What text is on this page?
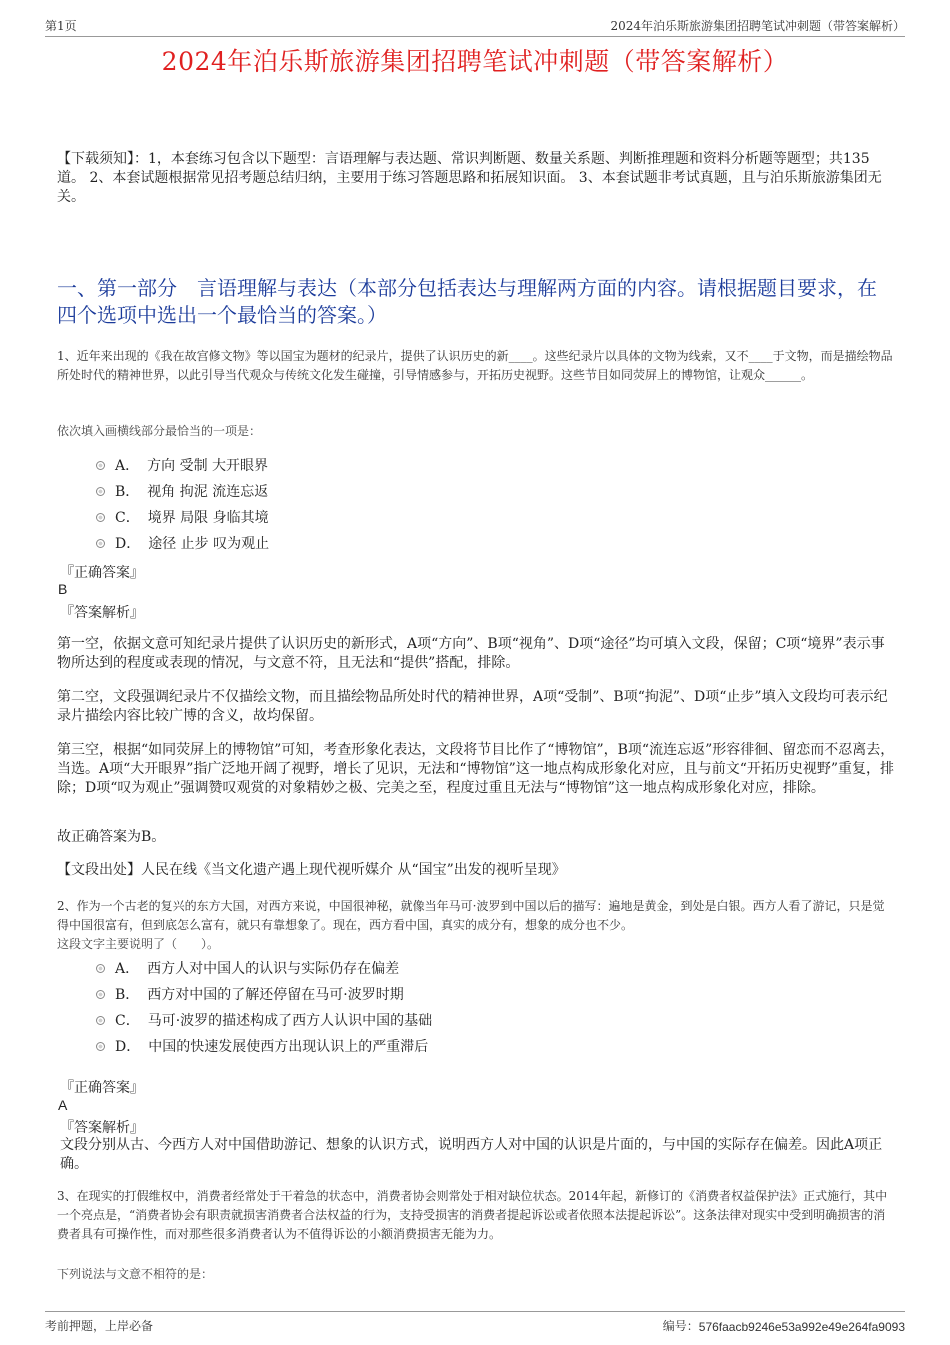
第1页	2024年泊乐斯旅游集团招聘笔试冲刺题（带答案解析）
2024年泊乐斯旅游集团招聘笔试冲刺题（带答案解析）
【下载须知】：1，本套练习包含以下题型：言语理解与表达题、常识判断题、数量关系题、判断推理题和资料分析题等题型；共135道。 2、本套试题根据常见招考题总结归纳，主要用于练习答题思路和拓展知识面。 3、本套试题非考试真题，且与泊乐斯旅游集团无关。
一、第一部分　言语理解与表达（本部分包括表达与理解两方面的内容。请根据题目要求，在四个选项中选出一个最恰当的答案。）
1、近年来出现的《我在故宫修文物》等以国宝为题材的纪录片，提供了认识历史的新____。这些纪录片以具体的文物为线索，又不____于文物，而是描绘物品所处时代的精神世界，以此引导当代观众与传统文化发生碰撞，引导情感参与，开拓历史视野。这些节目如同荧屏上的博物馆，让观众______。
依次填入画横线部分最恰当的一项是：
A． 方向 受制 大开眼界
B． 视角 拘泥 流连忘返
C． 境界 局限 身临其境
D． 途径 止步 叹为观止
『正确答案』
B
『答案解析』
第一空，依据文意可知纪录片提供了认识历史的新形式，A项“方向”、B项“视角”、D项“途径”均可填入文段，保留；C项“境界”表示事物所达到的程度或表现的情况，与文意不符，且无法和“提供”搭配，排除。
第二空，文段强调纪录片不仅描绘文物，而且描绘物品所处时代的精神世界，A项“受制”、B项“拘泥”、D项“止步”填入文段均可表示纪录片描绘内容比较广博的含义，故均保留。
第三空，根据“如同荧屏上的博物馆”可知，考查形象化表达，文段将节目比作了“博物馆”，B项“流连忘返”形容徘徊、留恋而不忍离去，当选。A项“大开眼界”指广泛地开阔了视野，增长了见识，无法和“博物馆”这一地点构成形象化对应，且与前文“开拓历史视野”重复，排除；D项“叹为观止”强调赞叹观赏的对象精妙之极、完美之至，程度过重且无法与“博物馆”这一地点构成形象化对应，排除。
故正确答案为B。
【文段出处】人民在线《当文化遗产遇上现代视听媒介 从“国宝”出发的视听呈现》
2、作为一个古老的复兴的东方大国，对西方来说，中国很神秘，就像当年马可·波罗到中国以后的描写：遍地是黄金，到处是白银。西方人看了游记，只是觉得中国很富有，但到底怎么富有，就只有靠想象了。现在，西方看中国，真实的成分有，想象的成分也不少。
这段文字主要说明了（　　）。
A． 西方人对中国人的认识与实际仍存在偏差
B． 西方对中国的了解还停留在马可·波罗时期
C． 马可·波罗的描述构成了西方人认识中国的基础
D． 中国的快速发展使西方出现认识上的严重滞后
『正确答案』
A
『答案解析』
文段分别从古、今西方人对中国借助游记、想象的认识方式，说明西方人对中国的认识是片面的，与中国的实际存在偏差。因此A项正确。
3、在现实的打假维权中，消费者经常处于干着急的状态中，消费者协会则常处于相对缺位状态。2014年起，新修订的《消费者权益保护法》正式施行，其中一个亮点是，“消费者协会有职责就损害消费者合法权益的行为，支持受损害的消费者提起诉讼或者依照本法提起诉讼”。这条法律对现实中受到明确损害的消费者具有可操作性，而对那些很多消费者认为不值得诉讼的小额消费损害无能为力。
下列说法与文意不相符的是：
考前押题，上岸必备	编号： 576faacb9246e53a992e49e264fa9093
